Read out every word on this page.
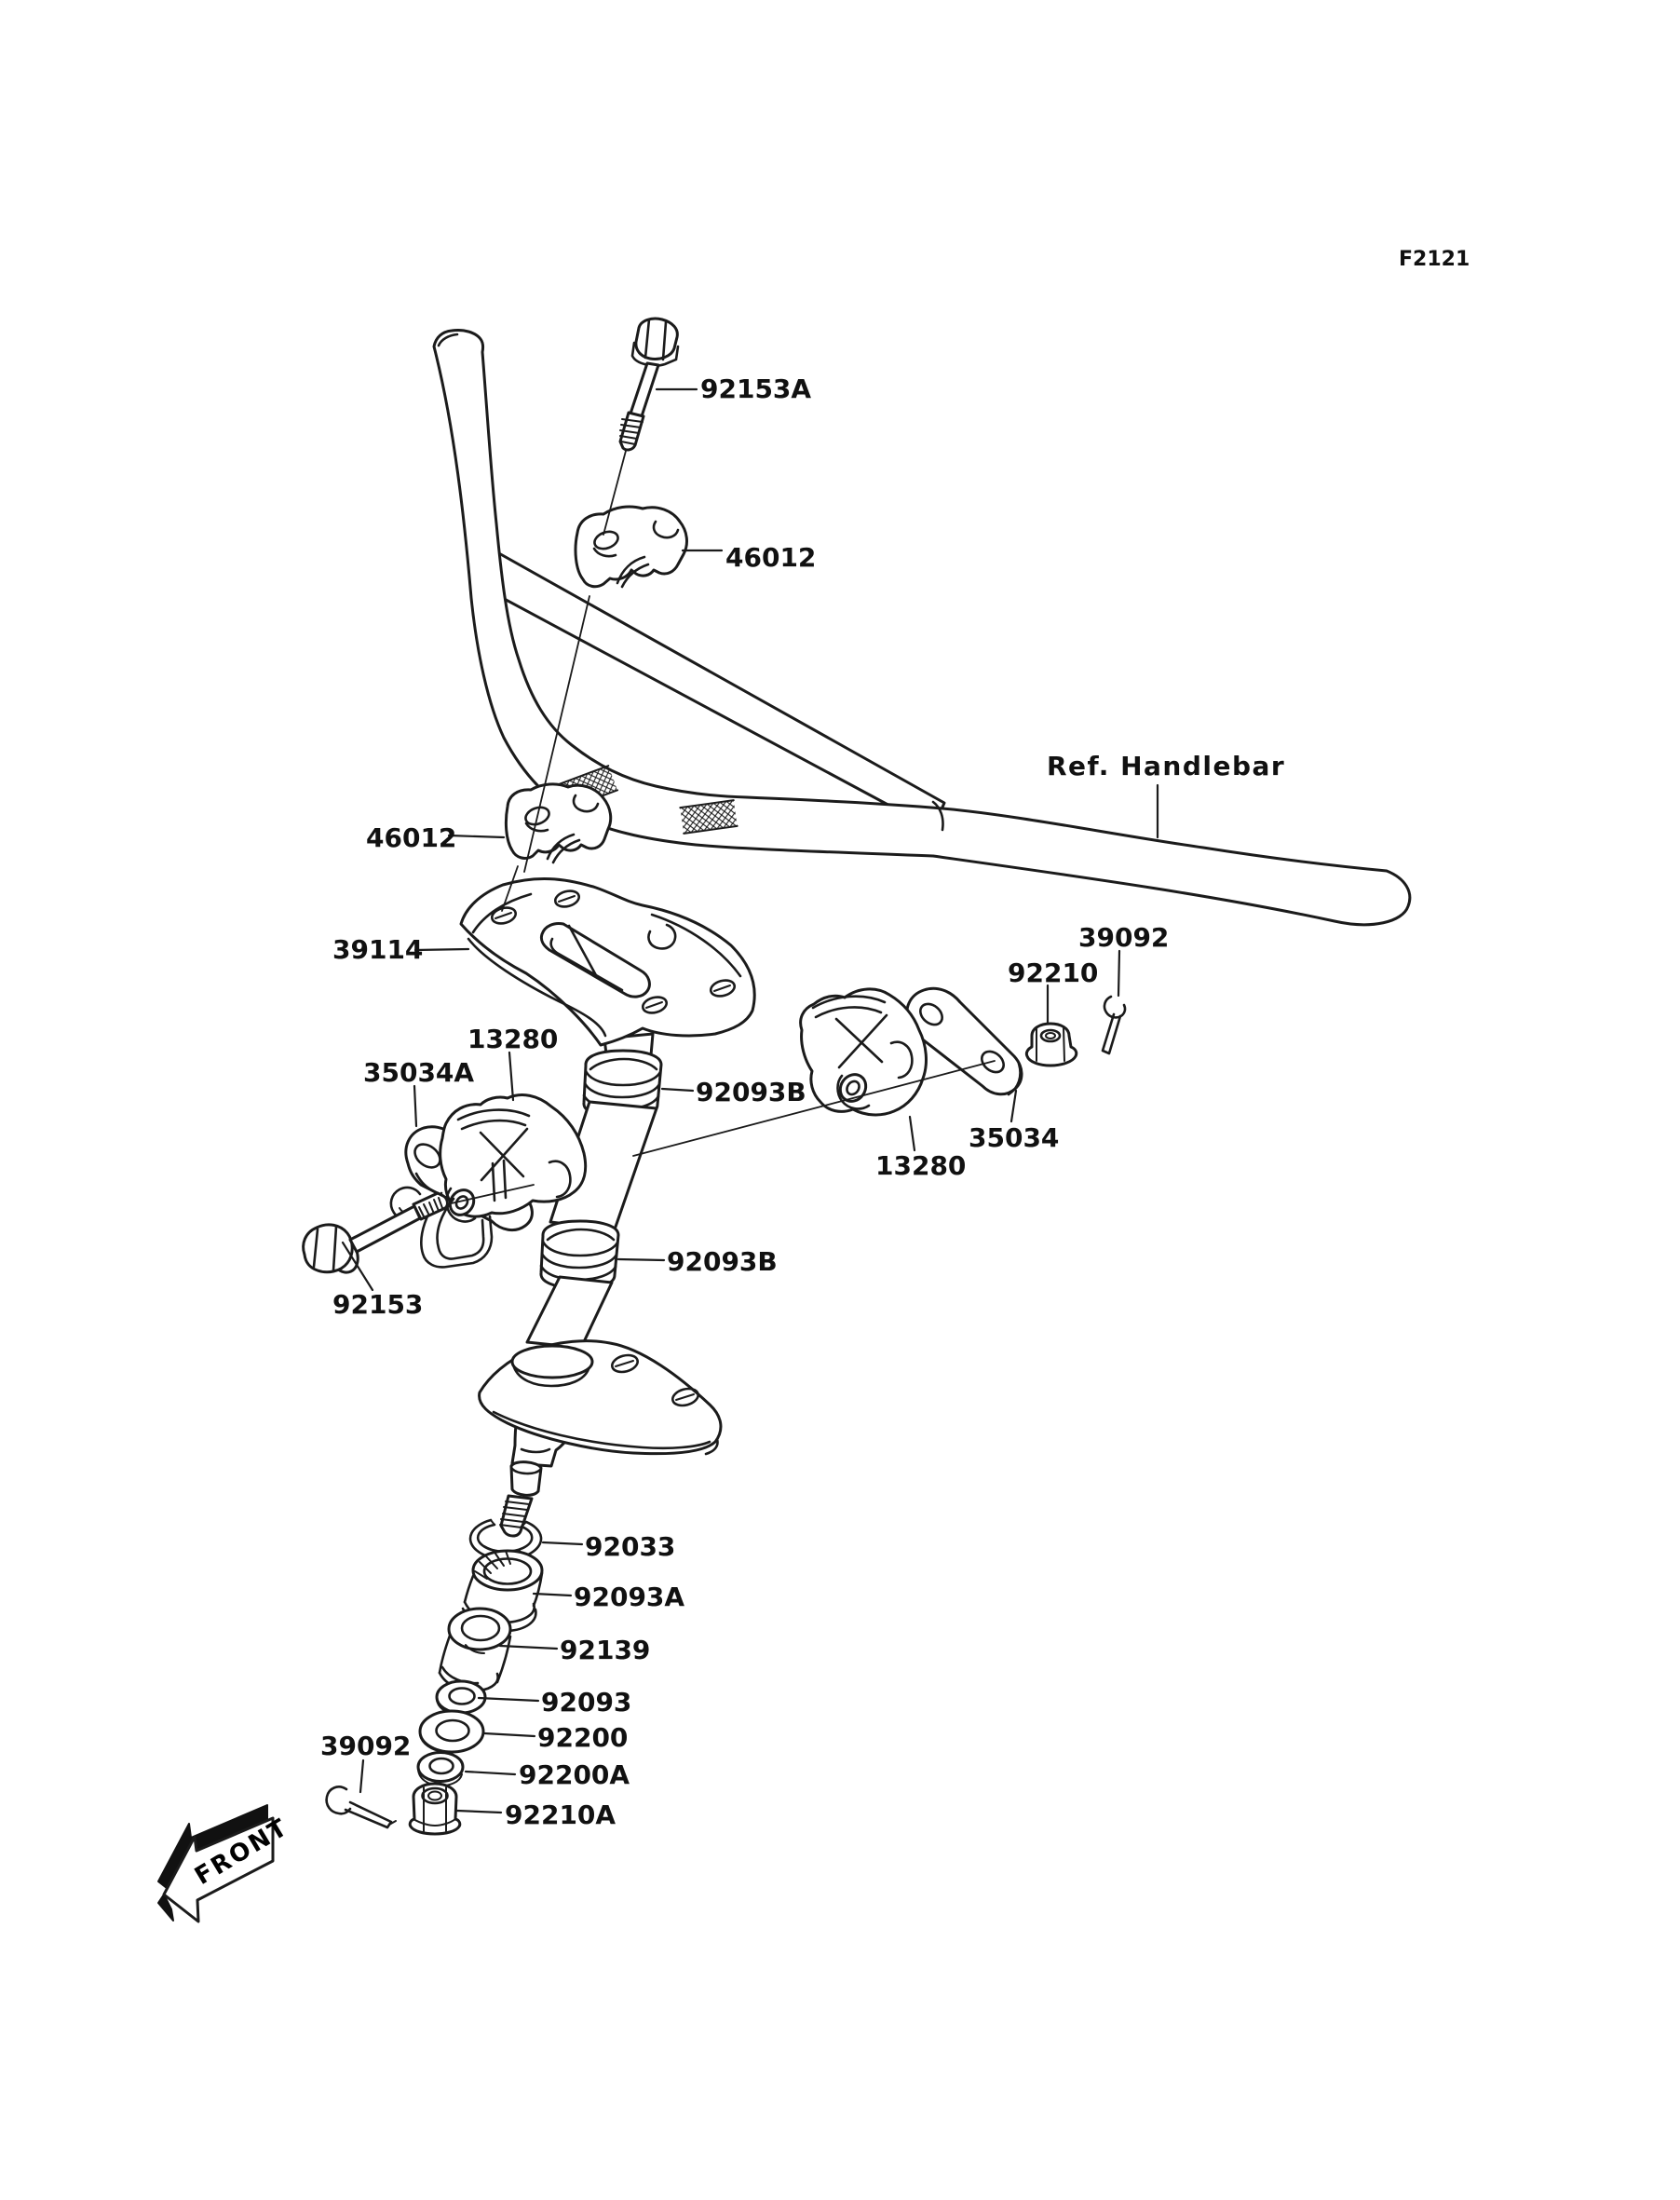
F2121
FRONT
92153A
46012
Ref. Handlebar
46012
39114	39092
92210
13280
35034A
92093B
35034
13280
92093B
92153
92033
92093A
92139
92093
92200
92200A
92210A
39092
